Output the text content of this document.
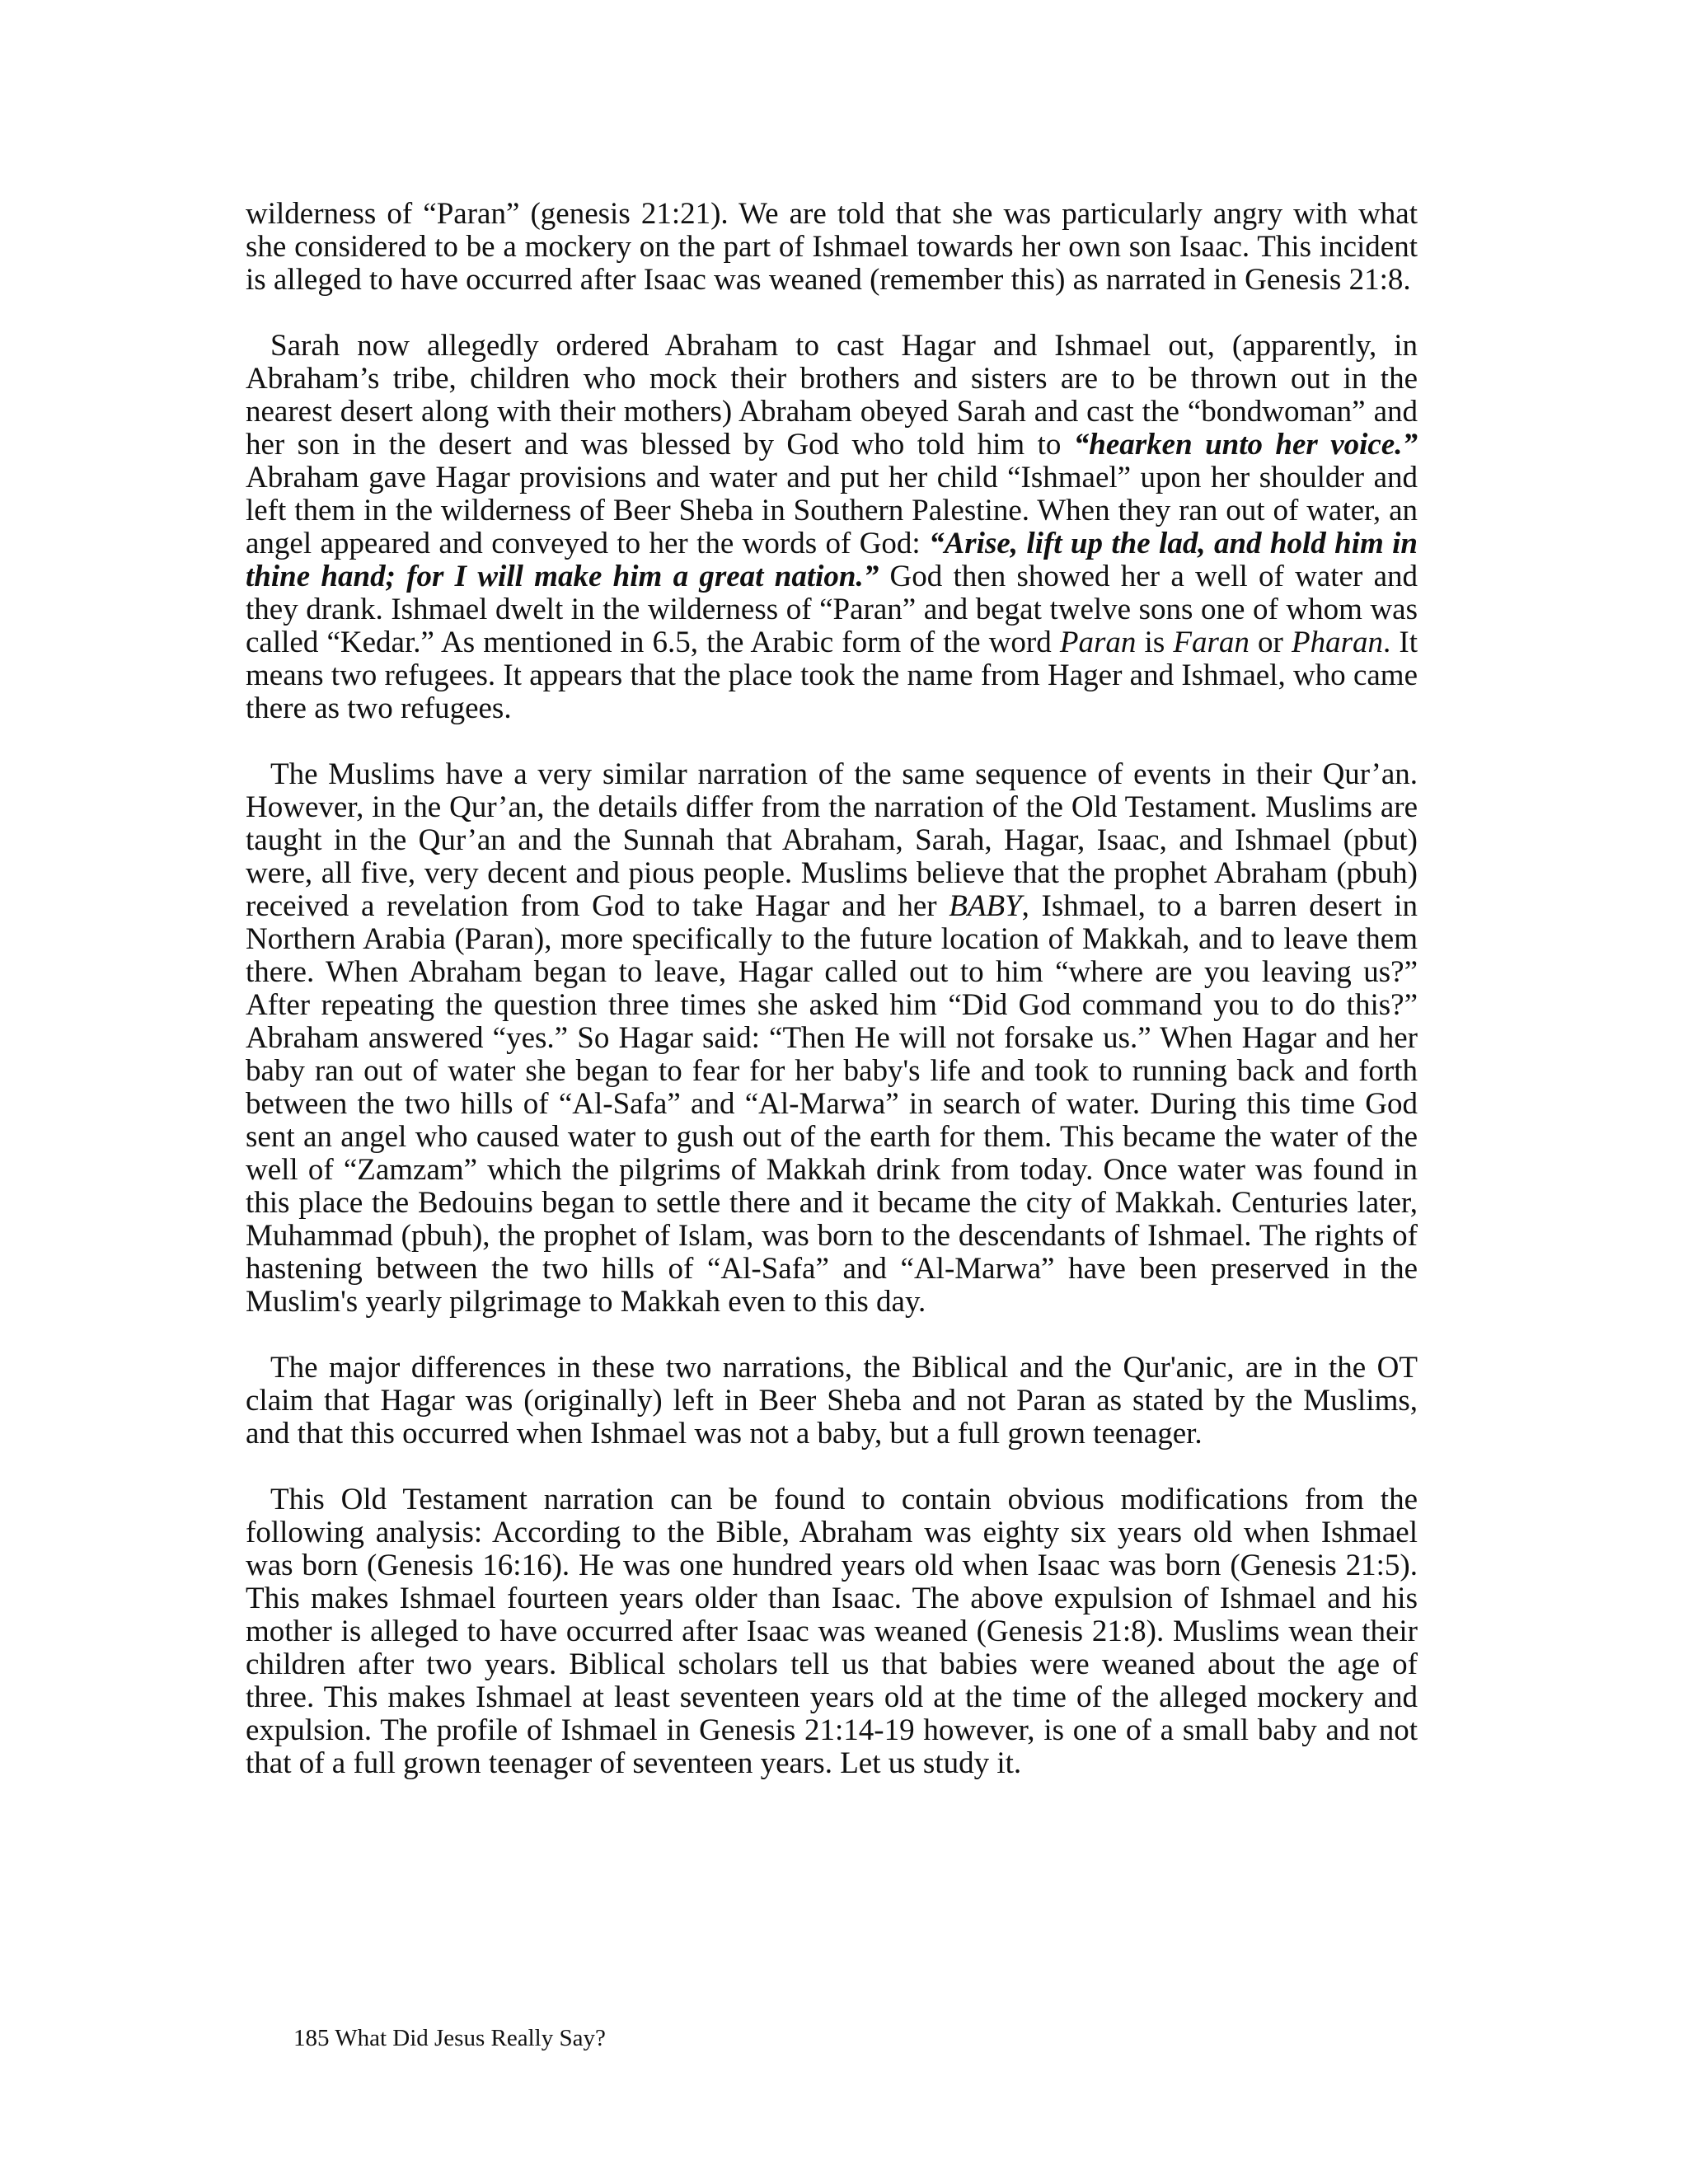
wilderness of “Paran” (genesis 21:21). We are told that she was particularly angry with what she considered to be a mockery on the part of Ishmael towards her own son Isaac. This incident is alleged to have occurred after Isaac was weaned (remember this) as narrated in Genesis 21:8.

Sarah now allegedly ordered Abraham to cast Hagar and Ishmael out, (apparently, in Abraham’s tribe, children who mock their brothers and sisters are to be thrown out in the nearest desert along with their mothers) Abraham obeyed Sarah and cast the “bondwoman” and her son in the desert and was blessed by God who told him to “hearken unto her voice.” Abraham gave Hagar provisions and water and put her child “Ishmael” upon her shoulder and left them in the wilderness of Beer Sheba in Southern Palestine. When they ran out of water, an angel appeared and conveyed to her the words of God: “Arise, lift up the lad, and hold him in thine hand; for I will make him a great nation.” God then showed her a well of water and they drank. Ishmael dwelt in the wilderness of “Paran” and begat twelve sons one of whom was called “Kedar.” As mentioned in 6.5, the Arabic form of the word Paran is Faran or Pharan. It means two refugees. It appears that the place took the name from Hager and Ishmael, who came there as two refugees.

The Muslims have a very similar narration of the same sequence of events in their Qur’an. However, in the Qur’an, the details differ from the narration of the Old Testament. Muslims are taught in the Qur’an and the Sunnah that Abraham, Sarah, Hagar, Isaac, and Ishmael (pbut) were, all five, very decent and pious people. Muslims believe that the prophet Abraham (pbuh) received a revelation from God to take Hagar and her BABY, Ishmael, to a barren desert in Northern Arabia (Paran), more specifically to the future location of Makkah, and to leave them there. When Abraham began to leave, Hagar called out to him “where are you leaving us?” After repeating the question three times she asked him “Did God command you to do this?” Abraham answered “yes.” So Hagar said: “Then He will not forsake us.” When Hagar and her baby ran out of water she began to fear for her baby's life and took to running back and forth between the two hills of “Al-Safa” and “Al-Marwa” in search of water. During this time God sent an angel who caused water to gush out of the earth for them. This became the water of the well of “Zamzam” which the pilgrims of Makkah drink from today. Once water was found in this place the Bedouins began to settle there and it became the city of Makkah. Centuries later, Muhammad (pbuh), the prophet of Islam, was born to the descendants of Ishmael. The rights of hastening between the two hills of “Al-Safa” and “Al-Marwa” have been preserved in the Muslim's yearly pilgrimage to Makkah even to this day.

The major differences in these two narrations, the Biblical and the Qur'anic, are in the OT claim that Hagar was (originally) left in Beer Sheba and not Paran as stated by the Muslims, and that this occurred when Ishmael was not a baby, but a full grown teenager.

This Old Testament narration can be found to contain obvious modifications from the following analysis: According to the Bible, Abraham was eighty six years old when Ishmael was born (Genesis 16:16). He was one hundred years old when Isaac was born (Genesis 21:5). This makes Ishmael fourteen years older than Isaac. The above expulsion of Ishmael and his mother is alleged to have occurred after Isaac was weaned (Genesis 21:8). Muslims wean their children after two years. Biblical scholars tell us that babies were weaned about the age of three. This makes Ishmael at least seventeen years old at the time of the alleged mockery and expulsion. The profile of Ishmael in Genesis 21:14-19 however, is one of a small baby and not that of a full grown teenager of seventeen years. Let us study it.

185 What Did Jesus Really Say?
